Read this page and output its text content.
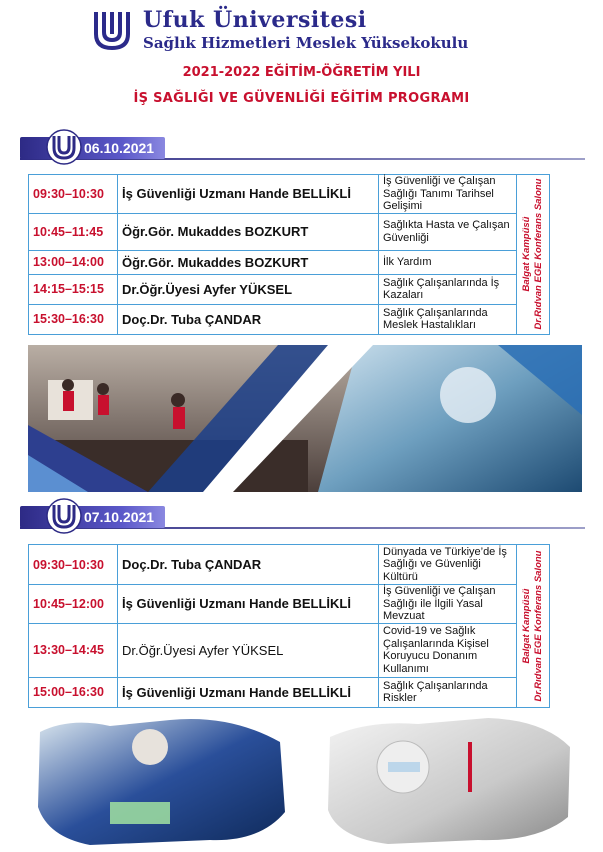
Ufuk Üniversitesi
Sağlık Hizmetleri Meslek Yüksekokulu
2021-2022 EĞİTİM-ÖĞRETİM YILI
İŞ SAĞLIĞI VE GÜVENLİĞİ EĞİTİM PROGRAMI
06.10.2021
09:30–10:30	İş Güvenliği Uzmanı Hande BELLİKLİ	İş Güvenliği ve Çalışan Sağlığı Tanımı Tarihsel Gelişimi	Balgat Kampüsü Dr.Rıdvan EGE Konferans Salonu

10:45–11:45	Öğr.Gör. Mukaddes BOZKURT	Sağlıkta Hasta ve Çalışan Güvenliği	
13:00–14:00	Öğr.Gör. Mukaddes BOZKURT	İlk Yardım	
14:15–15:15	Dr.Öğr.Üyesi Ayfer YÜKSEL	Sağlık Çalışanlarında İş Kazaları	
15:30–16:30	Doç.Dr. Tuba ÇANDAR	Sağlık Çalışanlarında Meslek Hastalıkları	
07.10.2021
09:30–10:30	Doç.Dr. Tuba ÇANDAR	Dünyada ve Türkiye’de İş Sağlığı ve Güvenliği Kültürü	Balgat Kampüsü Dr.Rıdvan EGE Konferans Salonu

10:45–12:00	İş Güvenliği Uzmanı Hande BELLİKLİ	İş Güvenliği ve Çalışan Sağlığı ile İlgili Yasal Mevzuat	
13:30–14:45	Dr.Öğr.Üyesi Ayfer YÜKSEL	Covid-19 ve Sağlık Çalışanlarında Kişisel Koruyucu Donanım Kullanımı	
15:00–16:30	İş Güvenliği Uzmanı Hande BELLİKLİ	Sağlık Çalışanlarında Riskler	
